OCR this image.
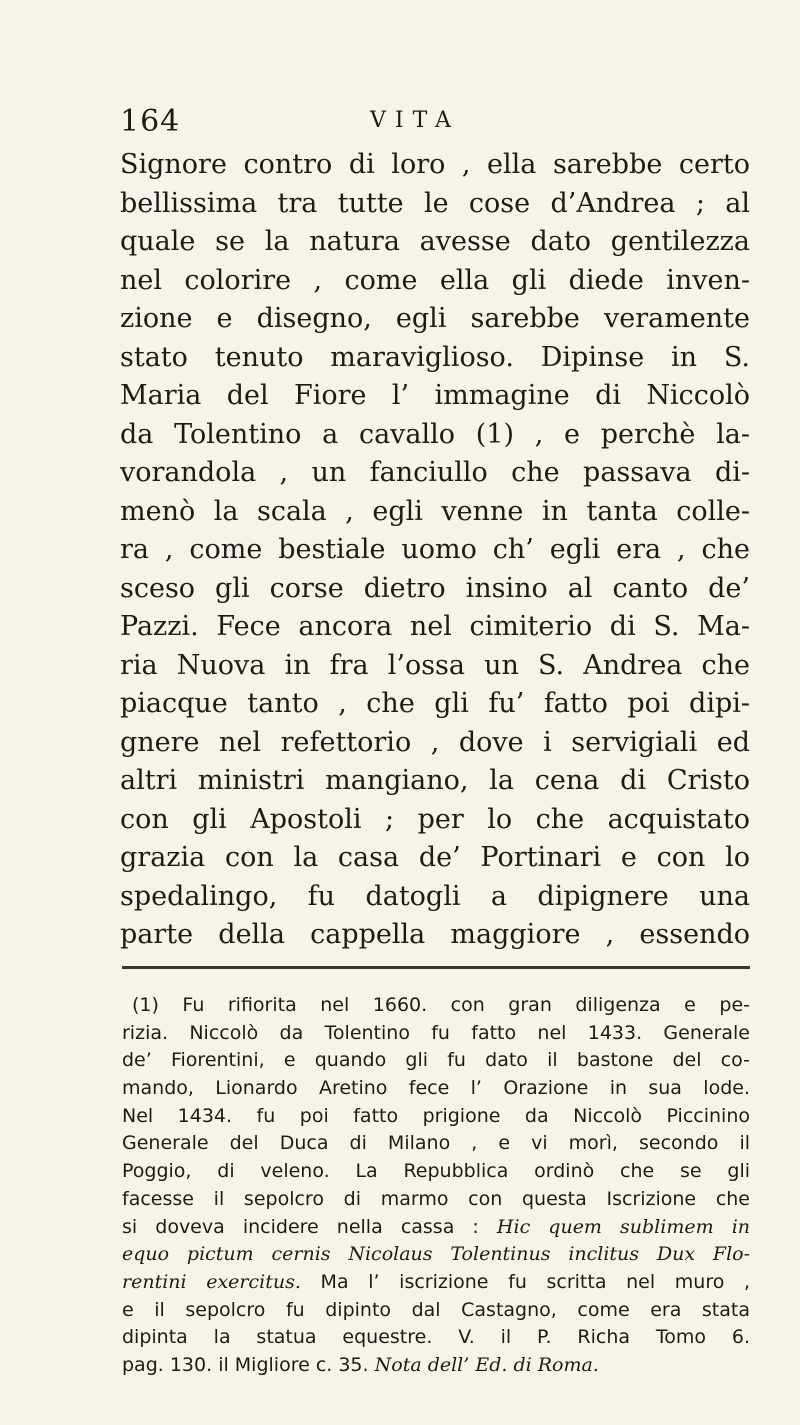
164	VITA
Signore contro di loro , ella sarebbe certo
bellissima tra tutte le cose d’Andrea ; al
quale se la natura avesse dato gentilezza
nel colorire , come ella gli diede inven-
zione e disegno, egli sarebbe veramente
stato tenuto maraviglioso. Dipinse in S.
Maria del Fiore l’ immagine di Niccolò
da Tolentino a cavallo (1) , e perchè la-
vorandola , un fanciullo che passava di-
menò la scala , egli venne in tanta colle-
ra , come bestiale uomo ch’ egli era , che
sceso gli corse dietro insino al canto de’
Pazzi. Fece ancora nel cimiterio di S. Ma-
ria Nuova in fra l’ossa un S. Andrea che
piacque tanto , che gli fu’ fatto poi dipi-
gnere nel refettorio , dove i servigiali ed
altri ministri mangiano, la cena di Cristo
con gli Apostoli ; per lo che acquistato
grazia con la casa de’ Portinari e con lo
spedalingo, fu datogli a dipignere una
parte della cappella maggiore , essendo
(1) Fu rifiorita nel 1660. con gran diligenza e pe-
rizia. Niccolò da Tolentino fu fatto nel 1433. Generale
de’ Fiorentini, e quando gli fu dato il bastone del co-
mando, Lionardo Aretino fece l’ Orazione in sua lode.
Nel 1434. fu poi fatto prigione da Niccolò Piccinino
Generale del Duca di Milano , e vi morì, secondo il
Poggio, di veleno. La Repubblica ordinò che se gli
facesse il sepolcro di marmo con questa Iscrizione che
si doveva incidere nella cassa : Hic quem sublimem in
equo pictum cernis Nicolaus Tolentinus inclitus Dux Flo-
rentini exercitus. Ma l’ iscrizione fu scritta nel muro ,
e il sepolcro fu dipinto dal Castagno, come era stata
dipinta la statua equestre. V. il P. Richa Tomo 6.
pag. 130. il Migliore c. 35. Nota dell’ Ed. di Roma.
